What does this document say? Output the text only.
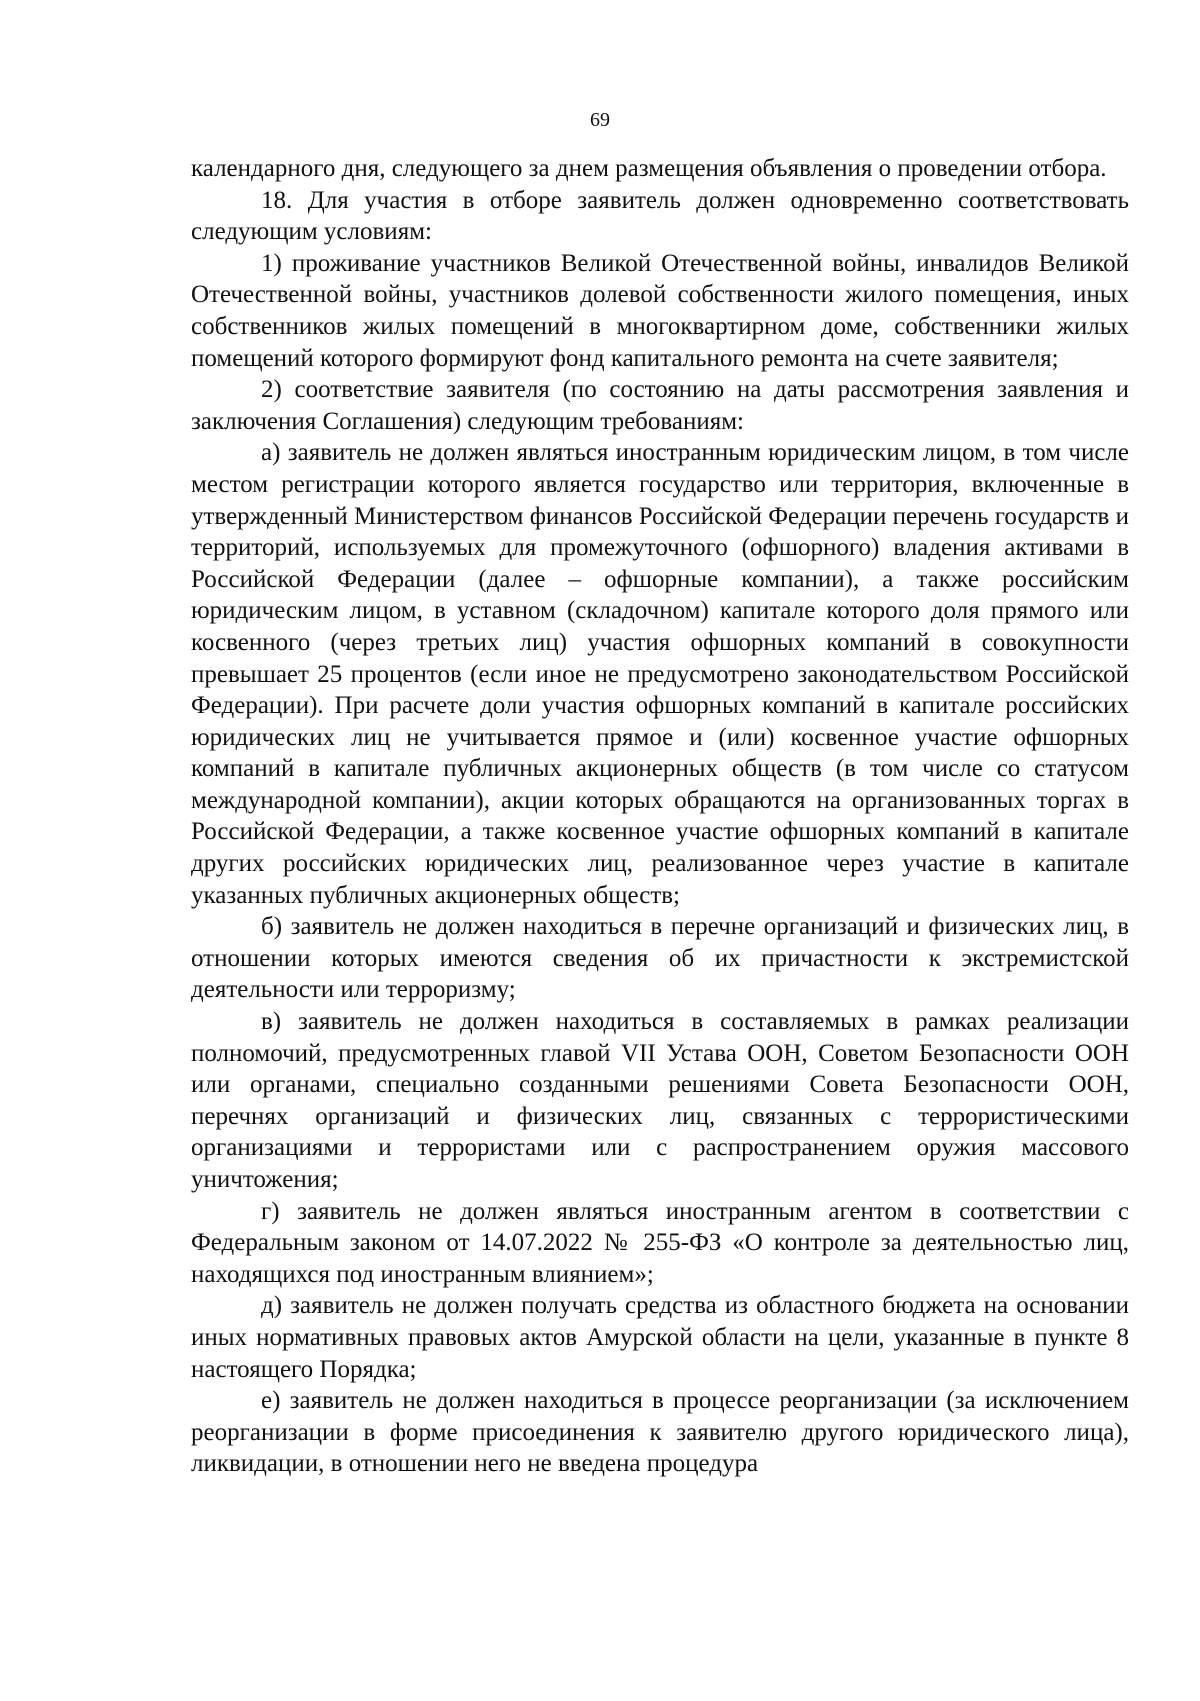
69

календарного дня, следующего за днем размещения объявления о проведении отбора.

18. Для участия в отборе заявитель должен одновременно соответствовать следующим условиям:

1) проживание участников Великой Отечественной войны, инвалидов Великой Отечественной войны, участников долевой собственности жилого помещения, иных собственников жилых помещений в многоквартирном доме, собственники жилых помещений которого формируют фонд капитального ремонта на счете заявителя;

2) соответствие заявителя (по состоянию на даты рассмотрения заявления и заключения Соглашения) следующим требованиям:

а) заявитель не должен являться иностранным юридическим лицом, в том числе местом регистрации которого является государство или территория, включенные в утвержденный Министерством финансов Российской Федерации перечень государств и территорий, используемых для промежуточного (офшорного) владения активами в Российской Федерации (далее – офшорные компании), а также российским юридическим лицом, в уставном (складочном) капитале которого доля прямого или косвенного (через третьих лиц) участия офшорных компаний в совокупности превышает 25 процентов (если иное не предусмотрено законодательством Российской Федерации). При расчете доли участия офшорных компаний в капитале российских юридических лиц не учитывается прямое и (или) косвенное участие офшорных компаний в капитале публичных акционерных обществ (в том числе со статусом международной компании), акции которых обращаются на организованных торгах в Российской Федерации, а также косвенное участие офшорных компаний в капитале других российских юридических лиц, реализованное через участие в капитале указанных публичных акционерных обществ;

б) заявитель не должен находиться в перечне организаций и физических лиц, в отношении которых имеются сведения об их причастности к экстремистской деятельности или терроризму;

в) заявитель не должен находиться в составляемых в рамках реализации полномочий, предусмотренных главой VII Устава ООН, Советом Безопасности ООН или органами, специально созданными решениями Совета Безопасности ООН, перечнях организаций и физических лиц, связанных с террористическими организациями и террористами или с распространением оружия массового уничтожения;

г) заявитель не должен являться иностранным агентом в соответствии с Федеральным законом от 14.07.2022 № 255-ФЗ «О контроле за деятельностью лиц, находящихся под иностранным влиянием»;

д) заявитель не должен получать средства из областного бюджета на основании иных нормативных правовых актов Амурской области на цели, указанные в пункте 8 настоящего Порядка;

е) заявитель не должен находиться в процессе реорганизации (за исключением реорганизации в форме присоединения к заявителю другого юридического лица), ликвидации, в отношении него не введена процедура
